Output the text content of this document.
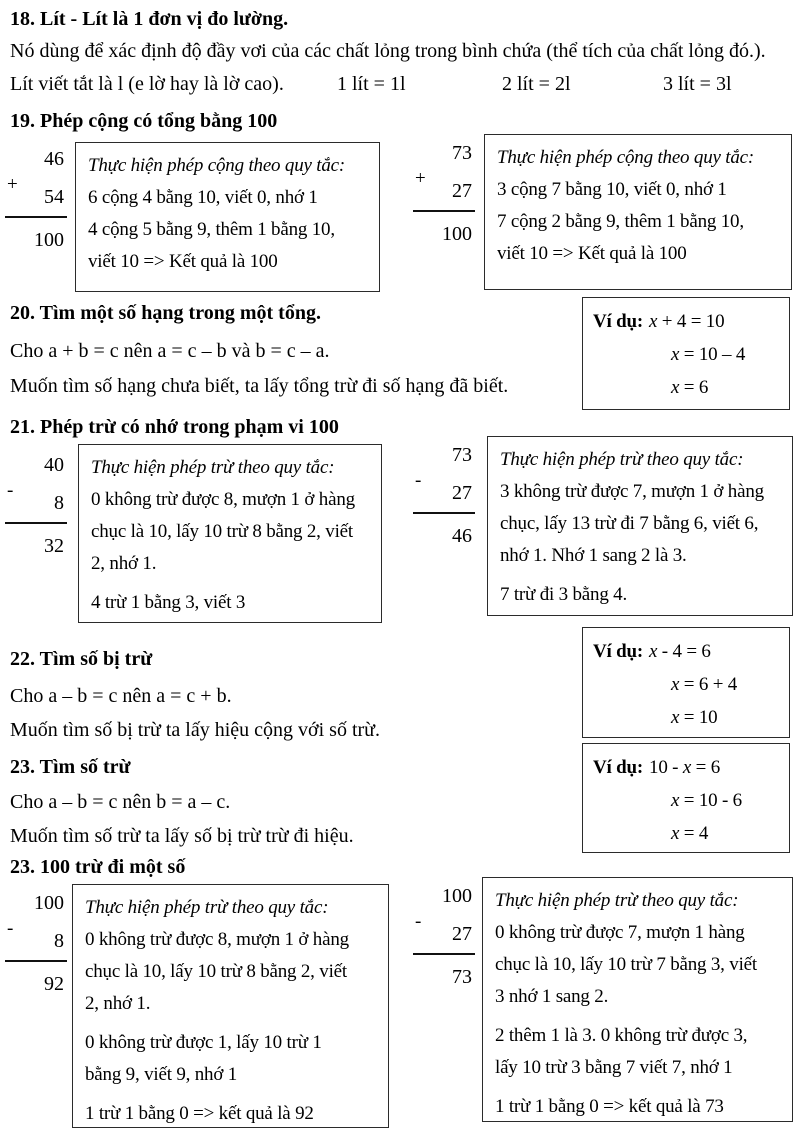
18. Lít - Lít là 1 đơn vị đo lường.

Nó dùng để xác định độ đầy vơi của các chất lỏng trong bình chứa (thể tích của chất lỏng đó.).

Lít viết tắt là l (e lờ hay là lờ cao).	1 lít = 1l	2 lít = 2l	3 lít = 3l
19. Phép cộng có tổng bằng 100
+
46
54
100

Thực hiện phép cộng theo quy tắc:

6 cộng 4 bằng 10, viết 0, nhớ 1

4 cộng 5 bằng 9, thêm 1 bằng 10,

viết 10 => Kết quả là 100

+
73
27
100

Thực hiện phép cộng theo quy tắc:

3 cộng 7 bằng 10, viết 0, nhớ 1

7 cộng 2 bằng 9, thêm 1 bằng 10,

viết 10 => Kết quả là 100

20. Tìm một số hạng trong một tổng.

Cho a + b = c nên a = c – b và b = c – a.

Muốn tìm số hạng chưa biết, ta lấy tổng trừ đi số hạng đã biết.

Ví dụ: x + 4 = 10

x = 10 – 4

x = 6

21. Phép trừ có nhớ trong phạm vi 100
-
40
8
32

Thực hiện phép trừ theo quy tắc:

0 không trừ được 8, mượn 1 ở hàng

chục là 10, lấy 10 trừ 8 bằng 2, viết

2, nhớ 1.

4 trừ 1 bằng 3, viết 3

-
73
27
46

Thực hiện phép trừ theo quy tắc:

3 không trừ được 7, mượn 1 ở hàng

chục, lấy 13 trừ đi 7 bằng 6, viết 6,

nhớ 1. Nhớ 1 sang 2 là 3.

7 trừ đi 3 bằng 4.

22. Tìm số bị trừ

Cho a – b = c nên a = c + b.

Muốn tìm số bị trừ ta lấy hiệu cộng với số trừ.

Ví dụ: x - 4 = 6

x = 6 + 4

x = 10

23. Tìm số trừ

Cho a – b = c nên b = a – c.

Muốn tìm số trừ ta lấy số bị trừ trừ đi hiệu.

Ví dụ: 10 - x = 6

x = 10 - 6

x = 4

23. 100 trừ đi một số
-
100
8
92

Thực hiện phép trừ theo quy tắc:

0 không trừ được 8, mượn 1 ở hàng

chục là 10, lấy 10 trừ 8 bằng 2, viết

2, nhớ 1.

0 không trừ được 1, lấy 10 trừ 1

bằng 9, viết 9, nhớ 1

1 trừ 1 bằng 0 => kết quả là 92

-
100
27
73

Thực hiện phép trừ theo quy tắc:

0 không trừ được 7, mượn 1 hàng

chục là 10, lấy 10 trừ 7 bằng 3, viết

3 nhớ 1 sang 2.

2 thêm 1 là 3. 0 không trừ được 3,

lấy 10 trừ 3 bằng 7 viết 7, nhớ 1

1 trừ 1 bằng 0 => kết quả là 73
